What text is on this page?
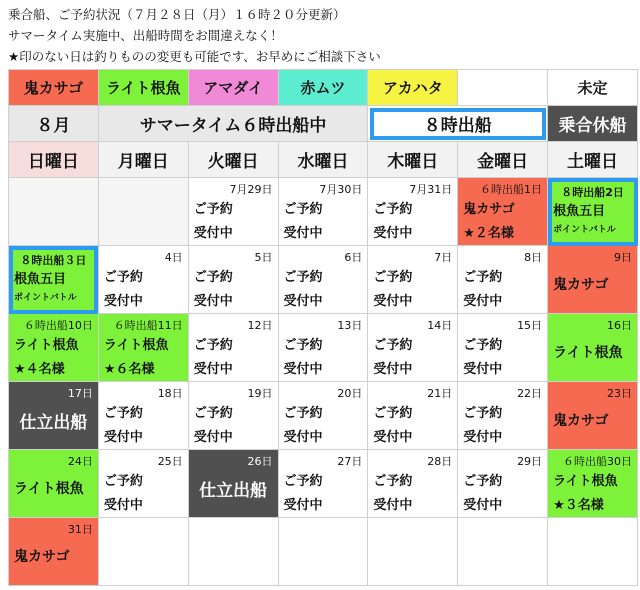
乗合船、ご予約状況（７月２８日（月）１６時２０分更新）
サマータイム実施中、出船時間をお間違えなく！
★印のない日は釣りものの変更も可能です、お早めにご相談下さい
鬼カサゴ	ライト根魚	アマダイ	赤ムツ	アカハタ		未定
８月	サマータイム６時出船中			８時出船		乗合休船
日曜日	月曜日	火曜日	水曜日	木曜日	金曜日	土曜日

		7月29日
ご予約
受付中	7月30日
ご予約
受付中	7月31日
ご予約
受付中	６時出船1日
鬼カサゴ
★２名様	８時出船2日
根魚五目
ポイントバトル

８時出船３日
根魚五目
ポイントバトル	4日
ご予約
受付中	5日
ご予約
受付中	6日
ご予約
受付中	7日
ご予約
受付中	8日
ご予約
受付中	9日
鬼カサゴ

６時出船10日
ライト根魚
★４名様	６時出船11日
ライト根魚
★６名様	12日
ご予約
受付中	13日
ご予約
受付中	14日
ご予約
受付中	15日
ご予約
受付中	16日
ライト根魚

17日
仕立出船	18日
ご予約
受付中	19日
ご予約
受付中	20日
ご予約
受付中	21日
ご予約
受付中	22日
ご予約
受付中	23日
鬼カサゴ

24日
ライト根魚	25日
ご予約
受付中	26日
仕立出船	27日
ご予約
受付中	28日
ご予約
受付中	29日
ご予約
受付中	６時出船30日
ライト根魚
★３名様

31日
鬼カサゴ						
